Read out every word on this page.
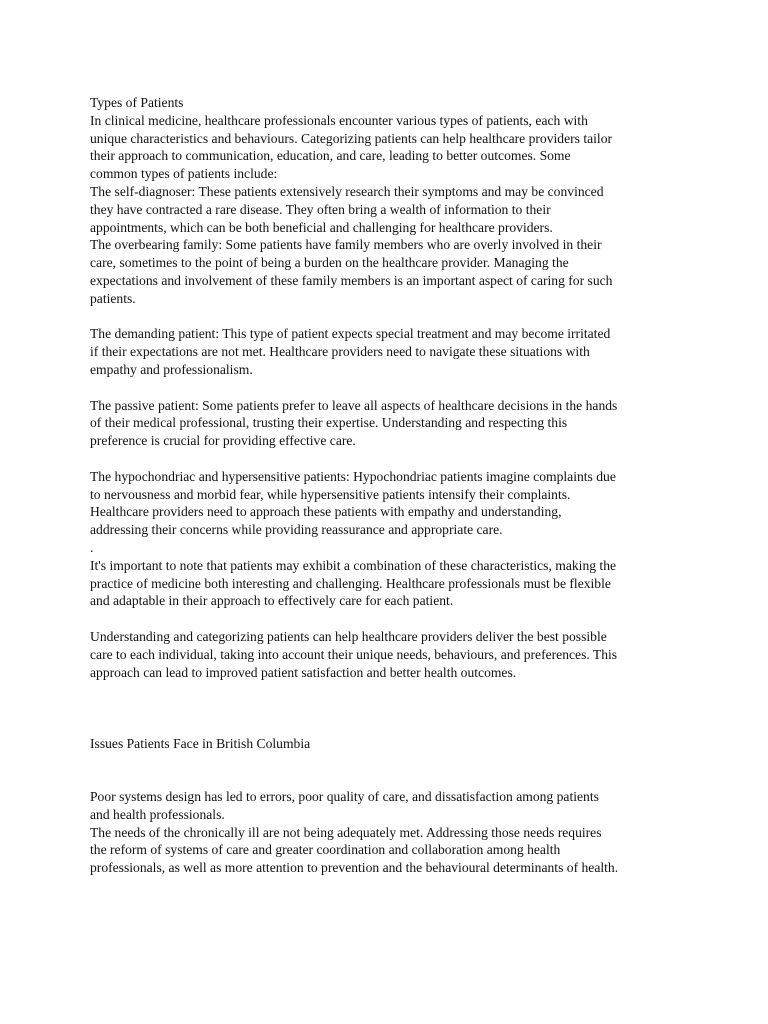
Types of Patients
In clinical medicine, healthcare professionals encounter various types of patients, each with
unique characteristics and behaviours. Categorizing patients can help healthcare providers tailor
their approach to communication, education, and care, leading to better outcomes. Some
common types of patients include:
The self-diagnoser: These patients extensively research their symptoms and may be convinced
they have contracted a rare disease. They often bring a wealth of information to their
appointments, which can be both beneficial and challenging for healthcare providers.
The overbearing family: Some patients have family members who are overly involved in their
care, sometimes to the point of being a burden on the healthcare provider. Managing the
expectations and involvement of these family members is an important aspect of caring for such
patients.
The demanding patient: This type of patient expects special treatment and may become irritated
if their expectations are not met. Healthcare providers need to navigate these situations with
empathy and professionalism.
The passive patient: Some patients prefer to leave all aspects of healthcare decisions in the hands
of their medical professional, trusting their expertise. Understanding and respecting this
preference is crucial for providing effective care.
The hypochondriac and hypersensitive patients: Hypochondriac patients imagine complaints due
to nervousness and morbid fear, while hypersensitive patients intensify their complaints.
Healthcare providers need to approach these patients with empathy and understanding,
addressing their concerns while providing reassurance and appropriate care.
.
It's important to note that patients may exhibit a combination of these characteristics, making the
practice of medicine both interesting and challenging. Healthcare professionals must be flexible
and adaptable in their approach to effectively care for each patient.
Understanding and categorizing patients can help healthcare providers deliver the best possible
care to each individual, taking into account their unique needs, behaviours, and preferences. This
approach can lead to improved patient satisfaction and better health outcomes.
Issues Patients Face in British Columbia
Poor systems design has led to errors, poor quality of care, and dissatisfaction among patients
and health professionals.
The needs of the chronically ill are not being adequately met. Addressing those needs requires
the reform of systems of care and greater coordination and collaboration among health
professionals, as well as more attention to prevention and the behavioural determinants of health.
